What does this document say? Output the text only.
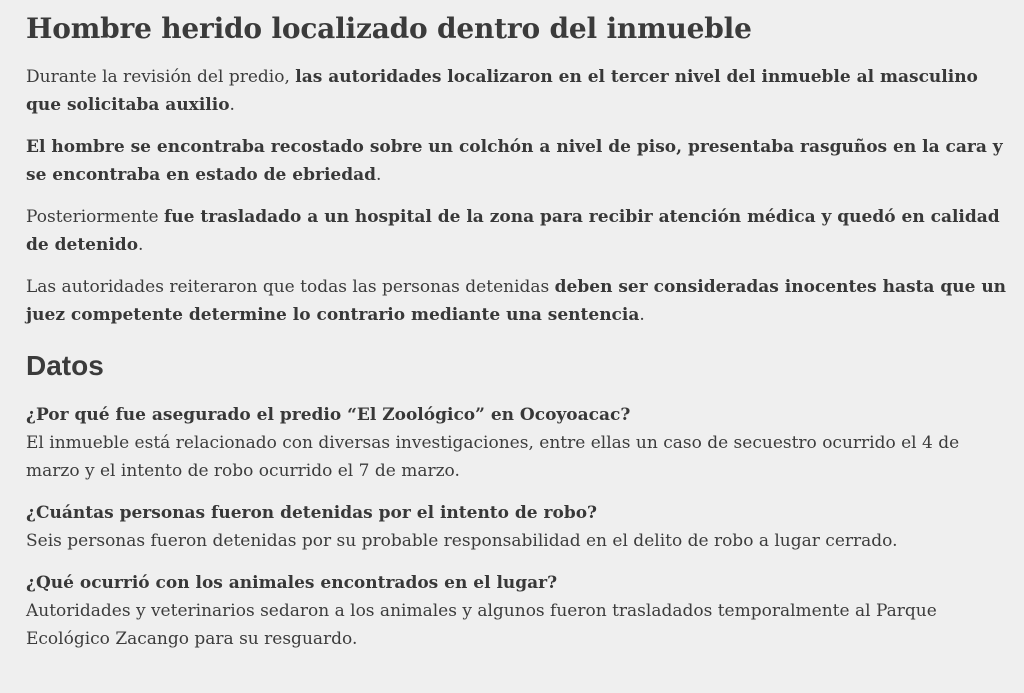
Hombre herido localizado dentro del inmueble

Durante la revisión del predio, las autoridades localizaron en el tercer nivel del inmueble al masculino que solicitaba auxilio.

El hombre se encontraba recostado sobre un colchón a nivel de piso, presentaba rasguños en la cara y se encontraba en estado de ebriedad.

Posteriormente fue trasladado a un hospital de la zona para recibir atención médica y quedó en calidad de detenido.

Las autoridades reiteraron que todas las personas detenidas deben ser consideradas inocentes hasta que un juez competente determine lo contrario mediante una sentencia.

Datos
¿Por qué fue asegurado el predio “El Zoológico” en Ocoyoacac?
El inmueble está relacionado con diversas investigaciones, entre ellas un caso de secuestro ocurrido el 4 de marzo y el intento de robo ocurrido el 7 de marzo.
¿Cuántas personas fueron detenidas por el intento de robo?
Seis personas fueron detenidas por su probable responsabilidad en el delito de robo a lugar cerrado.
¿Qué ocurrió con los animales encontrados en el lugar?
Autoridades y veterinarios sedaron a los animales y algunos fueron trasladados temporalmente al Parque Ecológico Zacango para su resguardo.
